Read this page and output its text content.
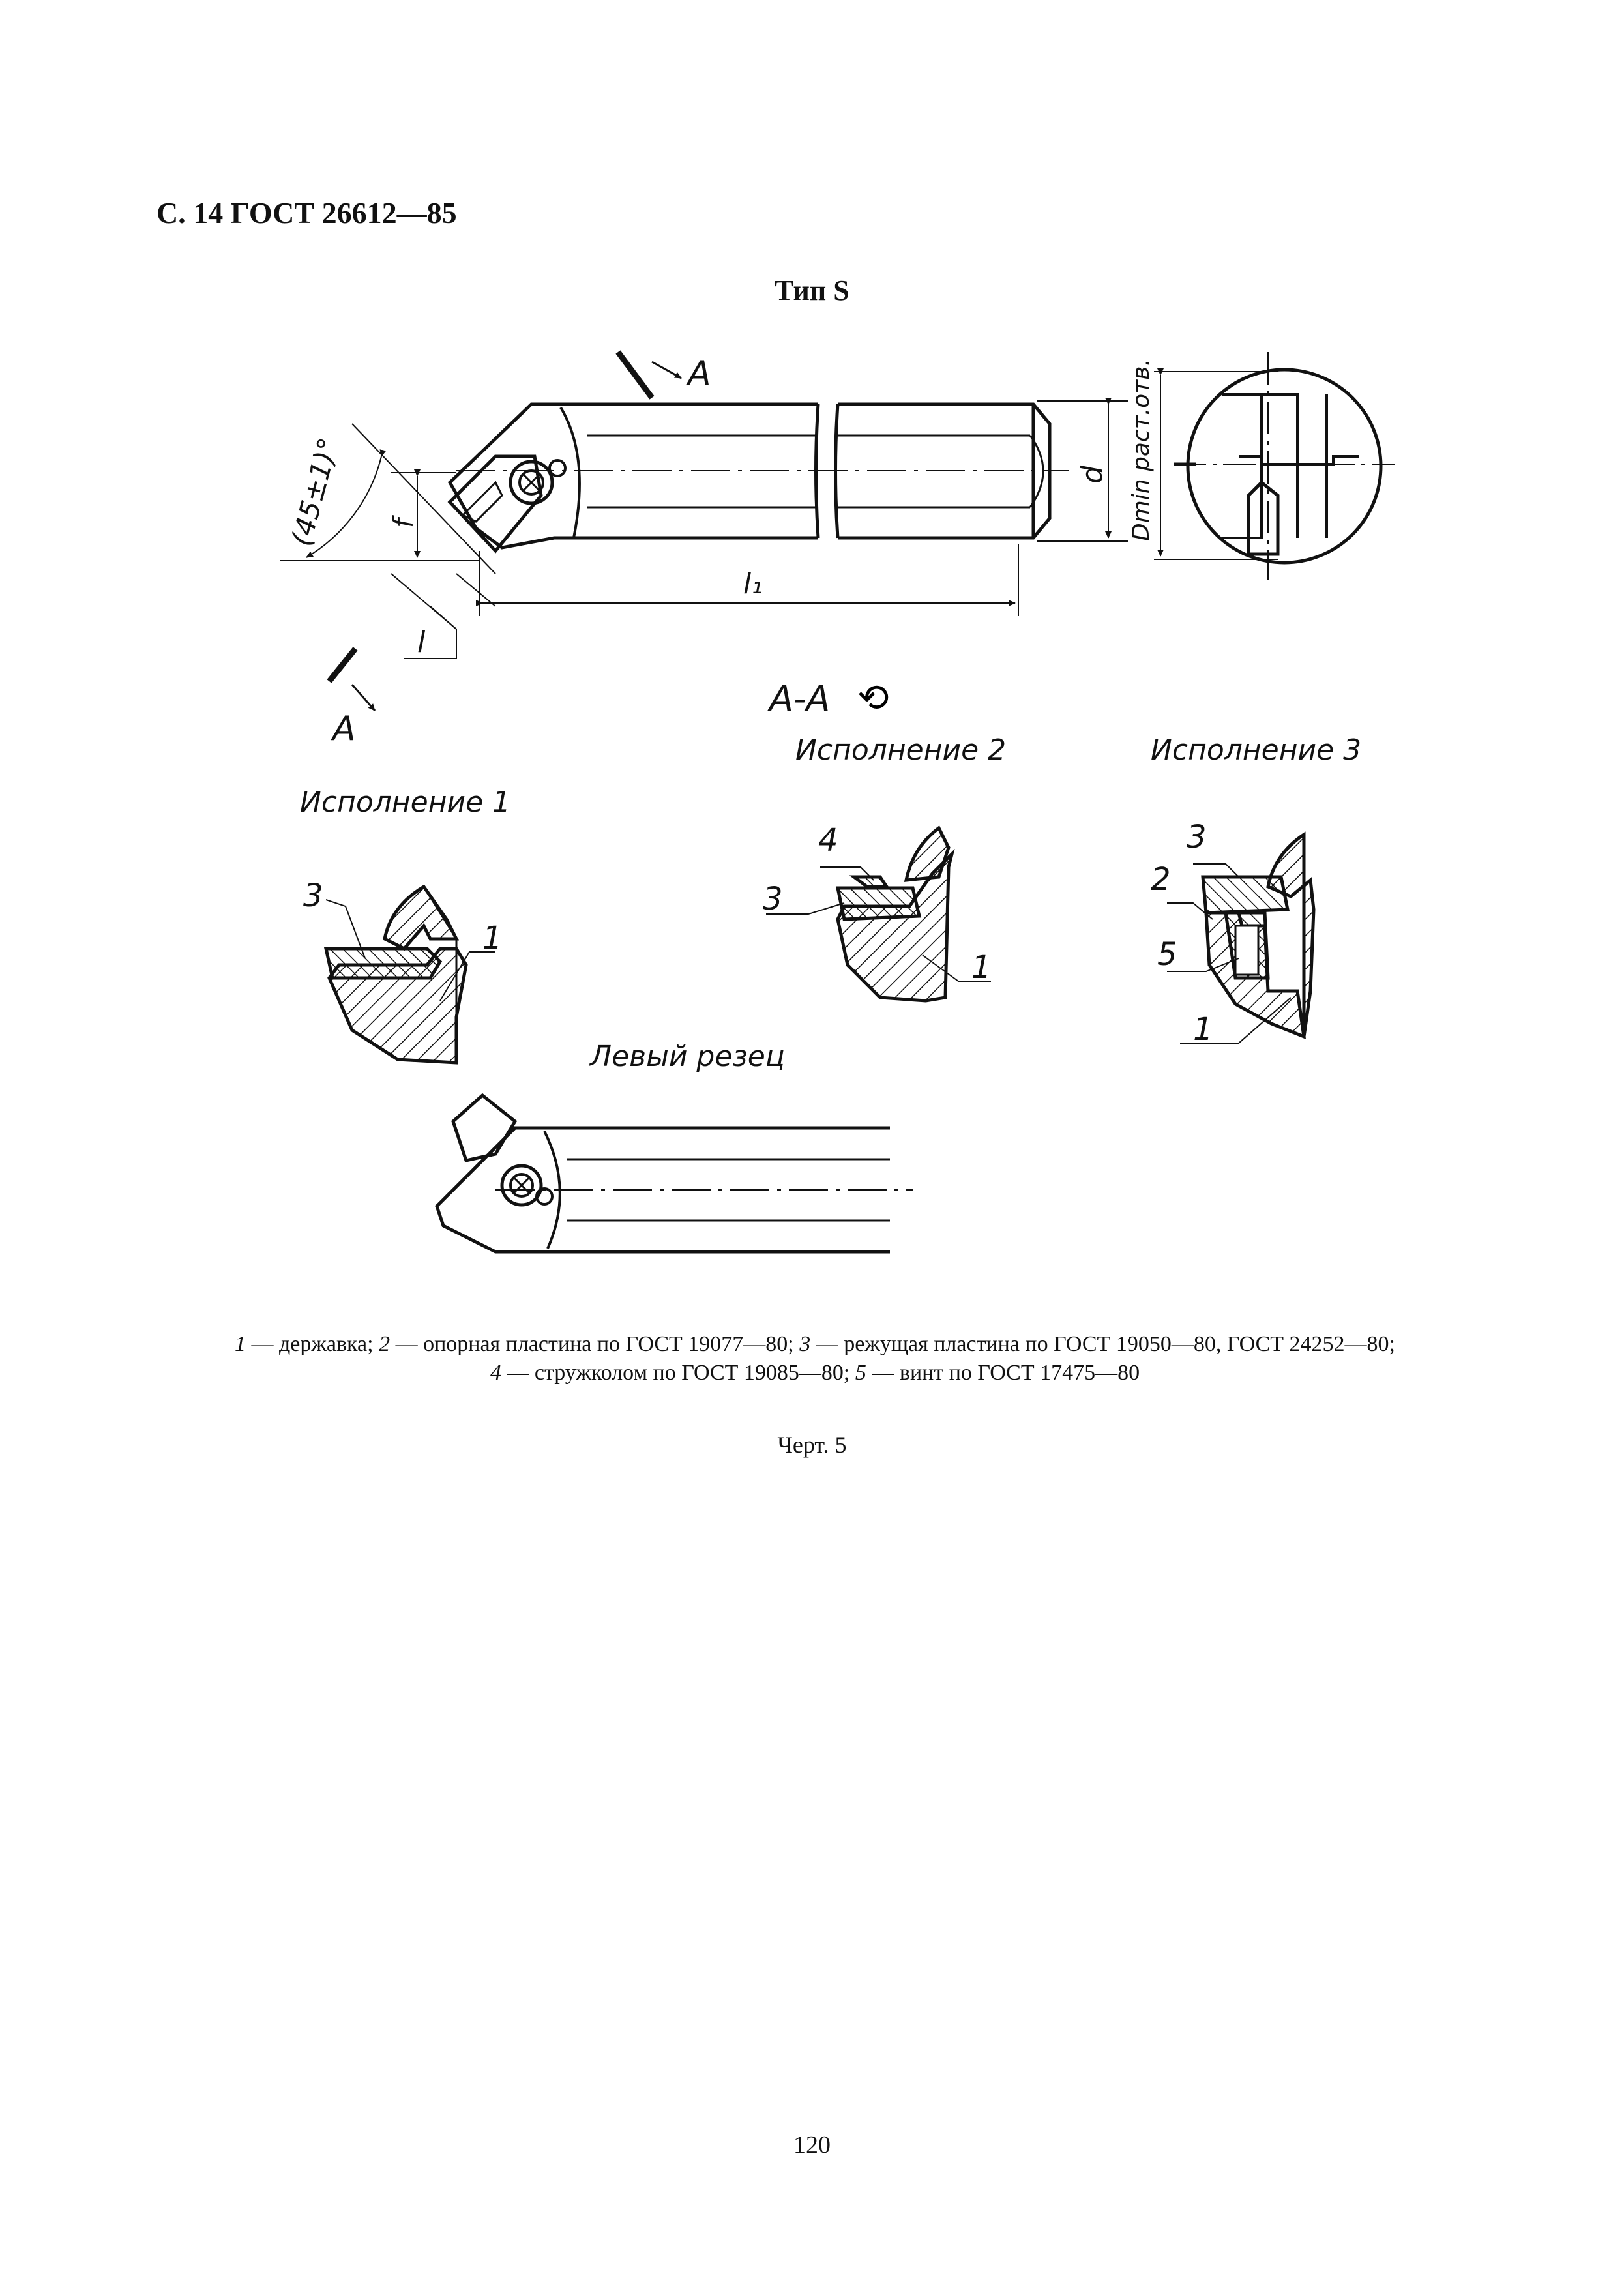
С. 14 ГОСТ 26612—85
Тип S
A
A
(45±1)° f
l
l₁
d Dmin paст.oтв.
A-A ⟲
Исполнение 1
Исполнение 2	Исполнение 3
Левый резец
3
1
4
3
1
3
2
5
1
1 — державка; 2 — опорная пластина по ГОСТ 19077—80; 3 — режущая пластина по ГОСТ 19050—80, ГОСТ 24252—80;
4 — стружколом по ГОСТ 19085—80; 5 — винт по ГОСТ 17475—80
Черт. 5
120
